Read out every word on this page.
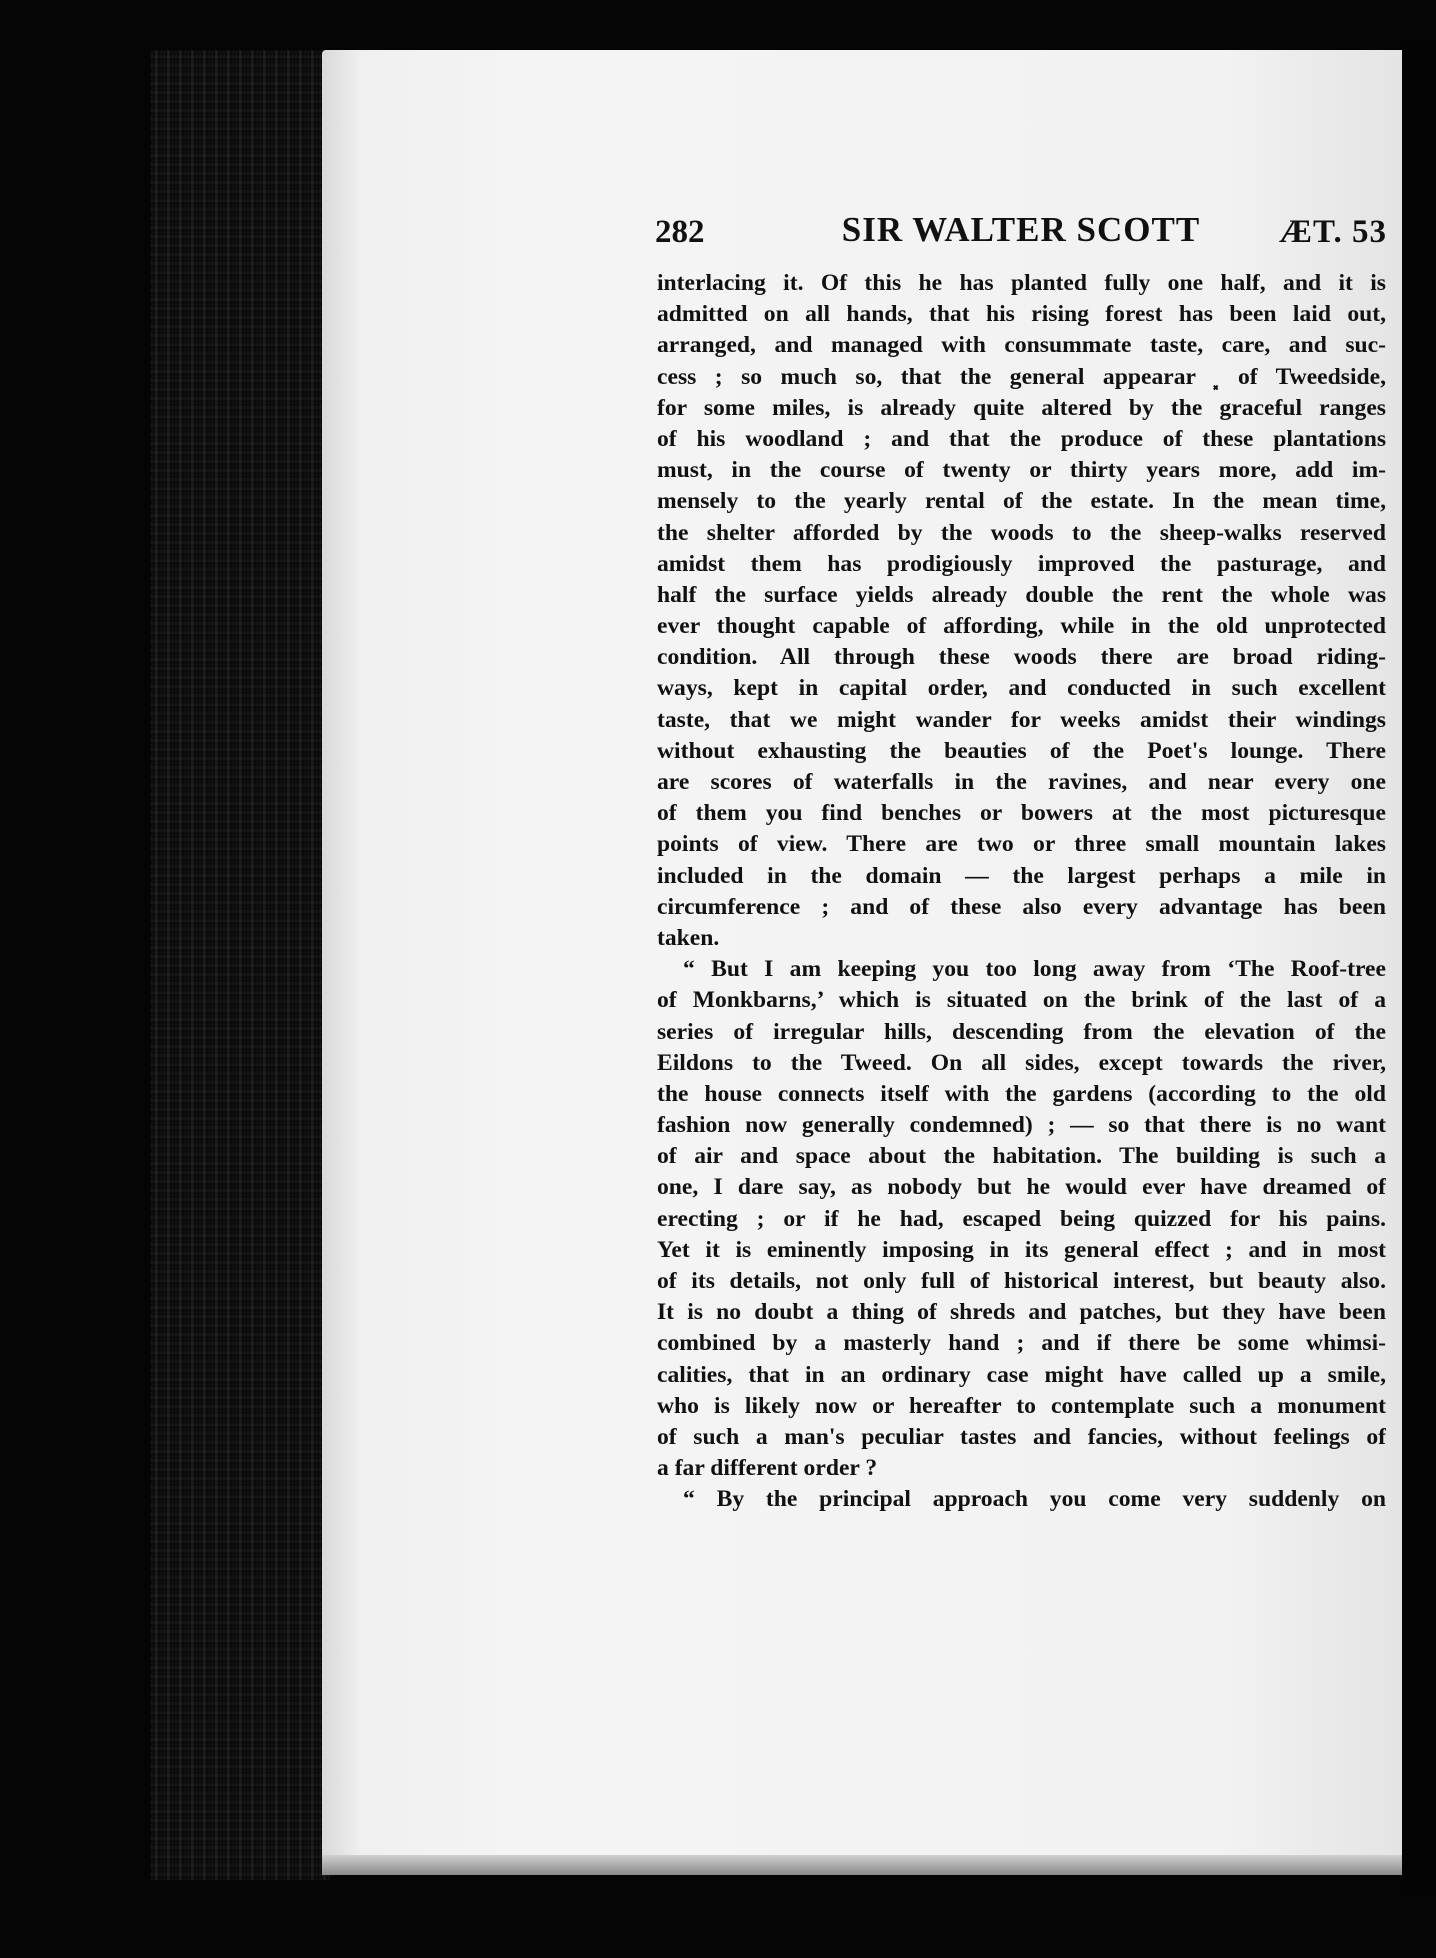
282	SIR WALTER SCOTT	ÆT. 53
interlacing it. Of this he has planted fully one half, and it is
admitted on all hands, that his rising forest has been laid out,
arranged, and managed with consummate taste, care, and suc-
cess ; so much so, that the general appearar ⸼ of Tweedside,
for some miles, is already quite altered by the graceful ranges
of his woodland ; and that the produce of these plantations
must, in the course of twenty or thirty years more, add im-
mensely to the yearly rental of the estate. In the mean time,
the shelter afforded by the woods to the sheep-walks reserved
amidst them has prodigiously improved the pasturage, and
half the surface yields already double the rent the whole was
ever thought capable of affording, while in the old unprotected
condition. All through these woods there are broad riding-
ways, kept in capital order, and conducted in such excellent
taste, that we might wander for weeks amidst their windings
without exhausting the beauties of the Poet's lounge. There
are scores of waterfalls in the ravines, and near every one
of them you find benches or bowers at the most picturesque
points of view. There are two or three small mountain lakes
included in the domain — the largest perhaps a mile in
circumference ; and of these also every advantage has been
taken.
“ But I am keeping you too long away from ‘The Roof-tree
of Monkbarns,’ which is situated on the brink of the last of a
series of irregular hills, descending from the elevation of the
Eildons to the Tweed. On all sides, except towards the river,
the house connects itself with the gardens (according to the old
fashion now generally condemned) ; — so that there is no want
of air and space about the habitation. The building is such a
one, I dare say, as nobody but he would ever have dreamed of
erecting ; or if he had, escaped being quizzed for his pains.
Yet it is eminently imposing in its general effect ; and in most
of its details, not only full of historical interest, but beauty also.
It is no doubt a thing of shreds and patches, but they have been
combined by a masterly hand ; and if there be some whimsi-
calities, that in an ordinary case might have called up a smile,
who is likely now or hereafter to contemplate such a monument
of such a man's peculiar tastes and fancies, without feelings of
a far different order ?
“ By the principal approach you come very suddenly on
